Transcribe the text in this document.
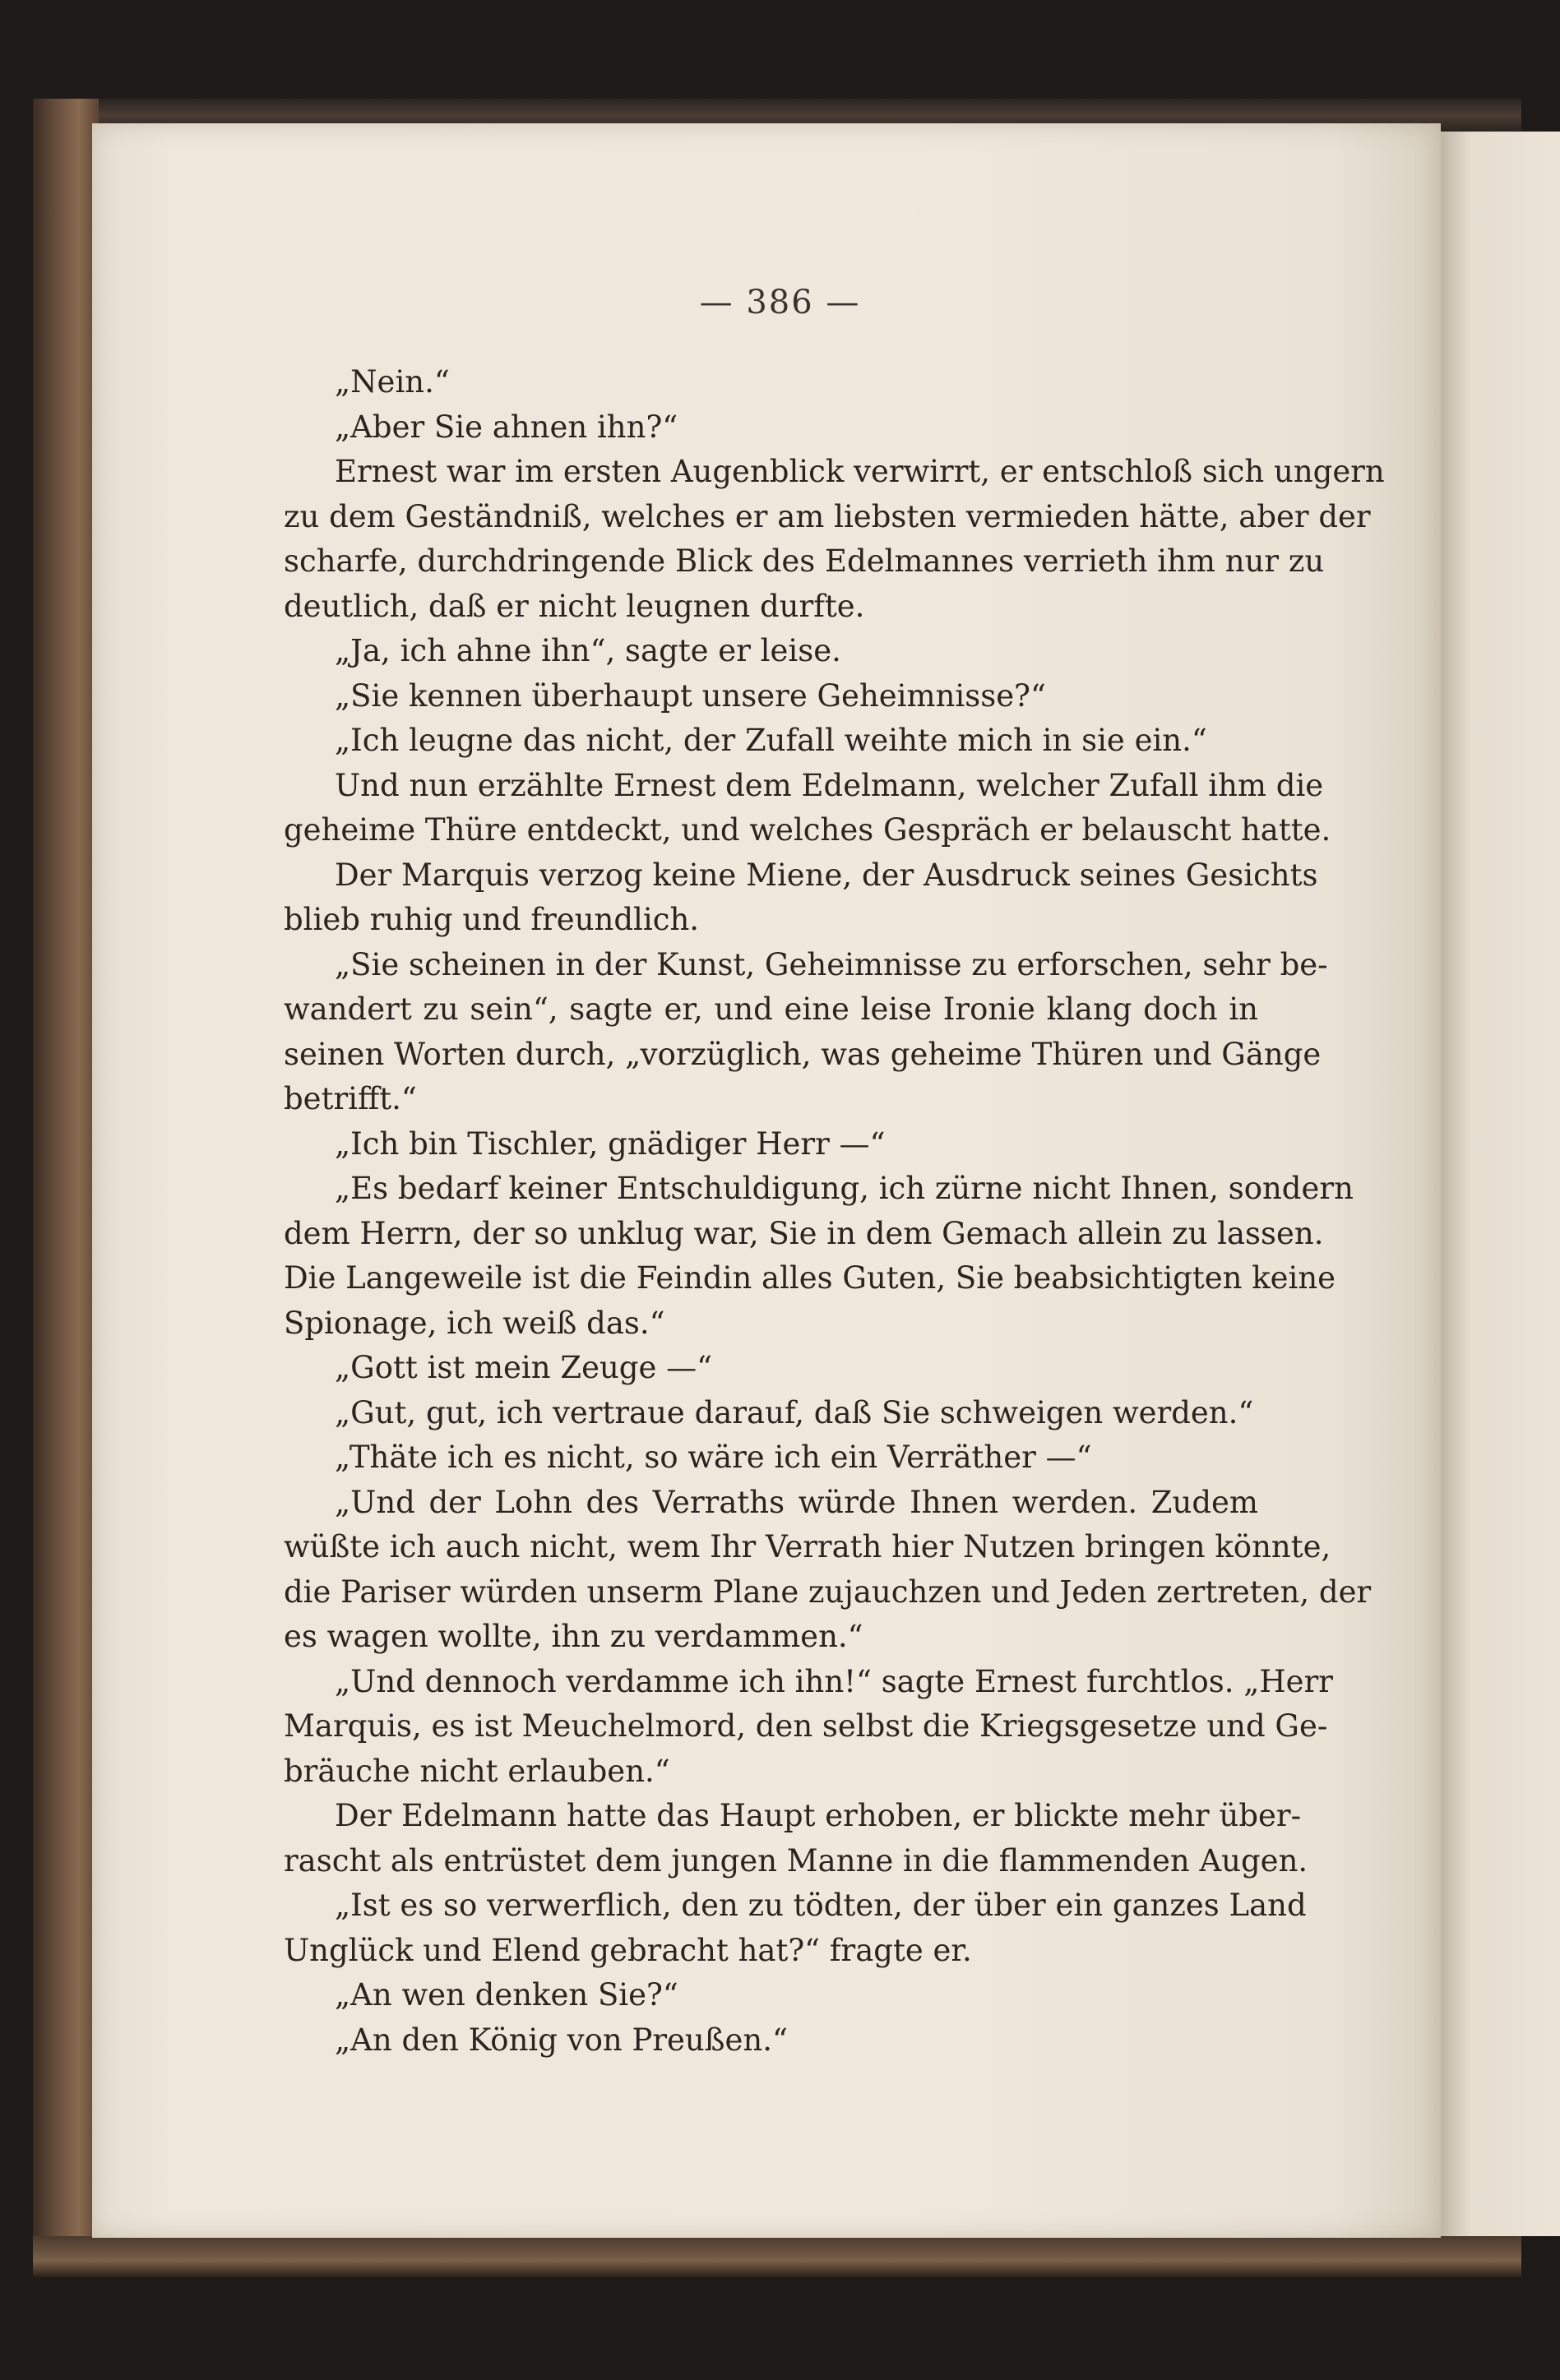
— 386 —
„Nein.“
„Aber Sie ahnen ihn?“
Ernest war im ersten Augenblick verwirrt, er entschloß sich ungern
zu dem Geständniß, welches er am liebsten vermieden hätte, aber der
scharfe, durchdringende Blick des Edelmannes verrieth ihm nur zu
deutlich, daß er nicht leugnen durfte.
„Ja, ich ahne ihn“, sagte er leise.
„Sie kennen überhaupt unsere Geheimnisse?“
„Ich leugne das nicht, der Zufall weihte mich in sie ein.“
Und nun erzählte Ernest dem Edelmann, welcher Zufall ihm die
geheime Thüre entdeckt, und welches Gespräch er belauscht hatte.
Der Marquis verzog keine Miene, der Ausdruck seines Gesichts
blieb ruhig und freundlich.
„Sie scheinen in der Kunst, Geheimnisse zu erforschen, sehr be-
wandert zu sein“, sagte er, und eine leise Ironie klang doch in
seinen Worten durch, „vorzüglich, was geheime Thüren und Gänge
betrifft.“
„Ich bin Tischler, gnädiger Herr —“
„Es bedarf keiner Entschuldigung, ich zürne nicht Ihnen, sondern
dem Herrn, der so unklug war, Sie in dem Gemach allein zu lassen.
Die Langeweile ist die Feindin alles Guten, Sie beabsichtigten keine
Spionage, ich weiß das.“
„Gott ist mein Zeuge —“
„Gut, gut, ich vertraue darauf, daß Sie schweigen werden.“
„Thäte ich es nicht, so wäre ich ein Verräther —“
„Und der Lohn des Verraths würde Ihnen werden. Zudem
wüßte ich auch nicht, wem Ihr Verrath hier Nutzen bringen könnte,
die Pariser würden unserm Plane zujauchzen und Jeden zertreten, der
es wagen wollte, ihn zu verdammen.“
„Und dennoch verdamme ich ihn!“ sagte Ernest furchtlos. „Herr
Marquis, es ist Meuchelmord, den selbst die Kriegsgesetze und Ge-
bräuche nicht erlauben.“
Der Edelmann hatte das Haupt erhoben, er blickte mehr über-
rascht als entrüstet dem jungen Manne in die flammenden Augen.
„Ist es so verwerflich, den zu tödten, der über ein ganzes Land
Unglück und Elend gebracht hat?“ fragte er.
„An wen denken Sie?“
„An den König von Preußen.“
